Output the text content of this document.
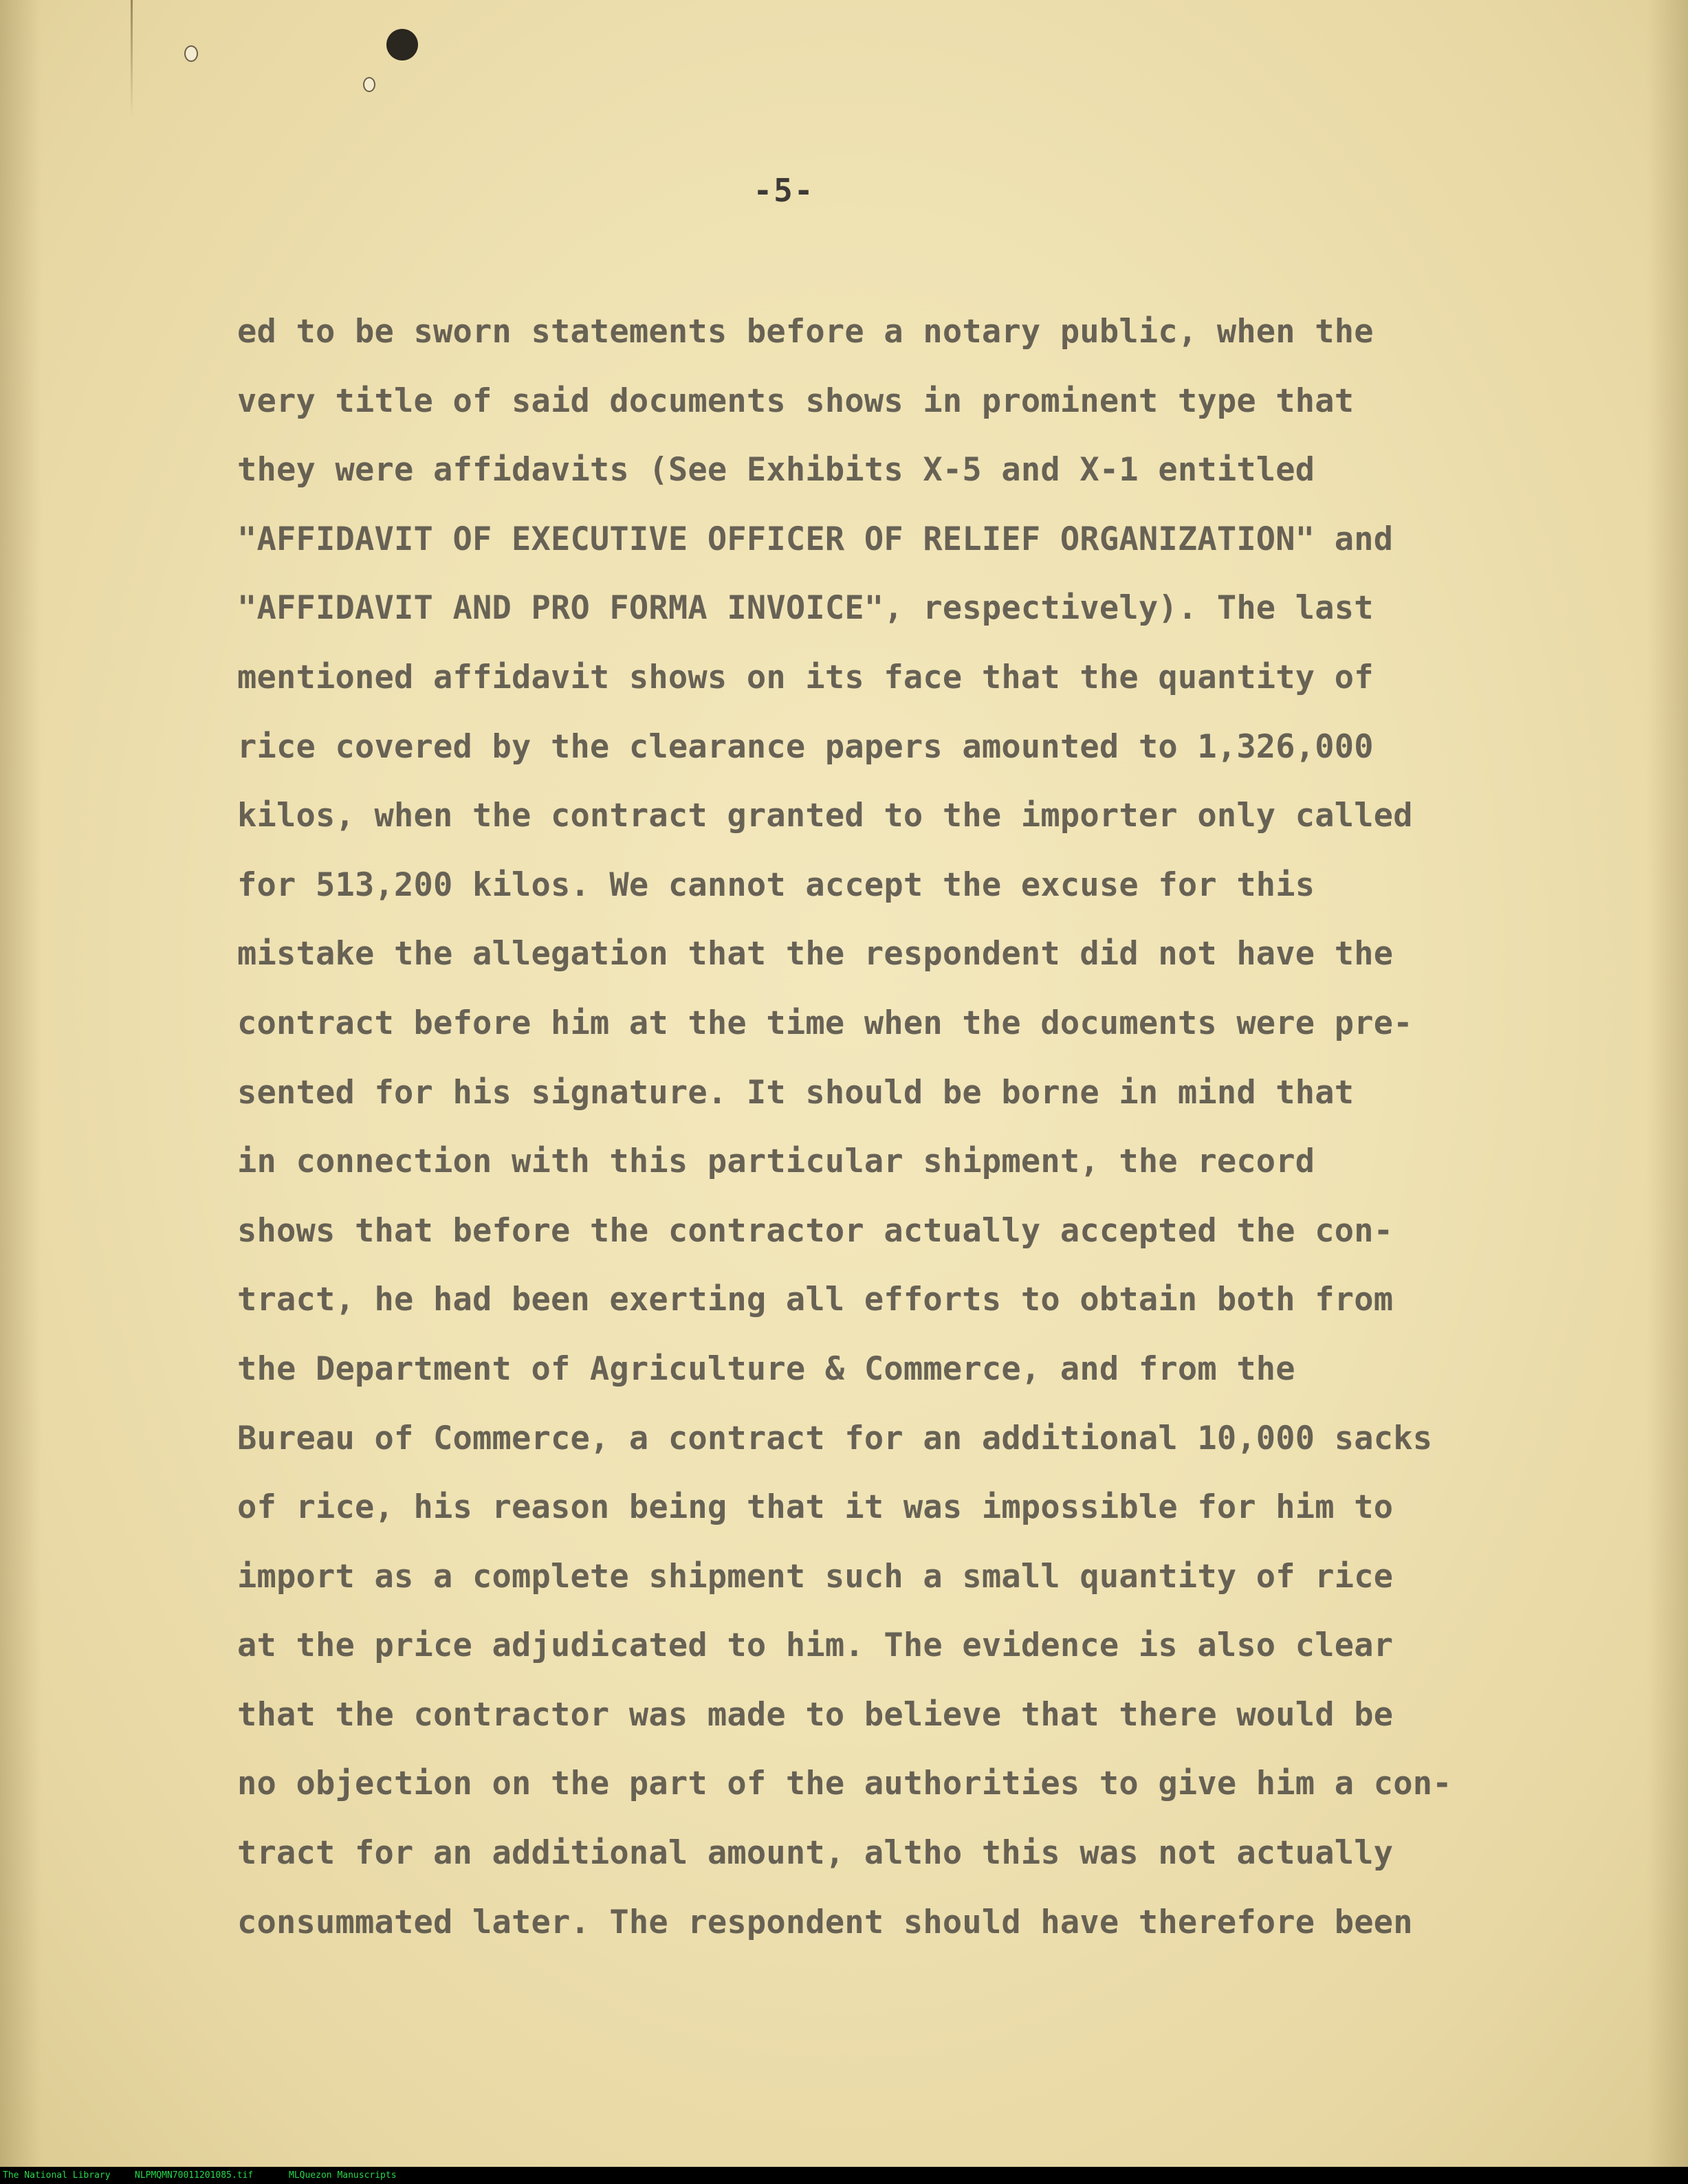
-5-
ed to be sworn statements before a notary public, when the
very title of said documents shows in prominent type that
they were affidavits (See Exhibits X-5 and X-1 entitled
"AFFIDAVIT OF EXECUTIVE OFFICER OF RELIEF ORGANIZATION" and
"AFFIDAVIT AND PRO FORMA INVOICE", respectively). The last
mentioned affidavit shows on its face that the quantity of
rice covered by the clearance papers amounted to 1,326,000
kilos, when the contract granted to the importer only called
for 513,200 kilos. We cannot accept the excuse for this
mistake the allegation that the respondent did not have the
contract before him at the time when the documents were pre-
sented for his signature. It should be borne in mind that
in connection with this particular shipment, the record
shows that before the contractor actually accepted the con-
tract, he had been exerting all efforts to obtain both from
the Department of Agriculture & Commerce, and from the
Bureau of Commerce, a contract for an additional 10,000 sacks
of rice, his reason being that it was impossible for him to
import as a complete shipment such a small quantity of rice
at the price adjudicated to him. The evidence is also clear
that the contractor was made to believe that there would be
no objection on the part of the authorities to give him a con-
tract for an additional amount, altho this was not actually
consummated later. The respondent should have therefore been
The National Library	NLPMQMN70011201085.tif	MLQuezon Manuscripts
